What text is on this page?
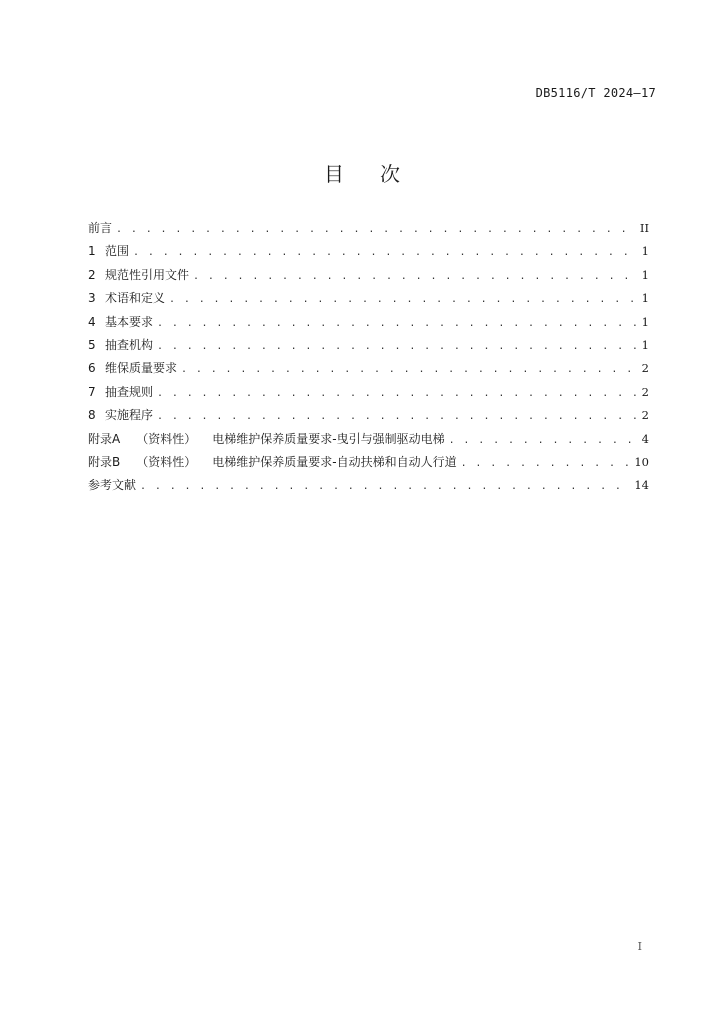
DB5116/T 2024—17
目次
前言 . . .	II
1 范围 . . .	1
2 规范性引用文件 . . .	1
3 术语和定义 . . .	1
4 基本要求 . . .	1
5 抽查机构 . . .	1
6 维保质量要求 . . .	2
7 抽查规则 . . .	2
8 实施程序 . . .	2
附录A （资料性） 电梯维护保养质量要求-曳引与强制驱动电梯 . . .	4
附录B （资料性） 电梯维护保养质量要求-自动扶梯和自动人行道 . . .	10
参考文献 . . .	14
I
